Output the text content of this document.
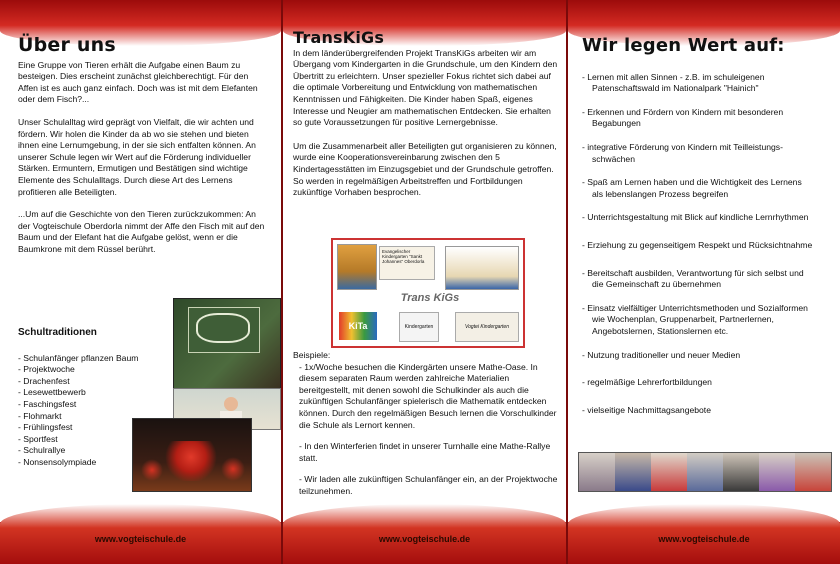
Über uns

Eine Gruppe von Tieren erhält die Aufgabe einen Baum zu besteigen. Dies erscheint zunächst gleichberechtigt. Für den Affen ist es auch ganz einfach. Doch was ist mit dem Elefanten oder dem Fisch?...

Unser Schulalltag wird geprägt von Vielfalt, die wir achten und fördern. Wir holen die Kinder da ab wo sie stehen und bieten ihnen eine Lernumgebung, in der sie sich entfalten können. An unserer Schule legen wir Wert auf die Förderung individueller Stärken. Ermuntern, Ermutigen und Bestätigen sind wichtige Elemente des Schulalltags. Durch diese Art des Lernens profitieren alle Beteiligten.

...Um auf die Geschichte von den Tieren zurückzukommen: An der Vogteischule Oberdorla nimmt der Affe den Fisch mit auf den Baum und der Elefant hat die Aufgabe gelöst, wenn er die Baumkrone mit dem Rüssel berührt.

Schultraditionen
- Schulanfänger pflanzen Baum
- Projektwoche
- Drachenfest
- Lesewettbewerb
- Faschingsfest
- Flohmarkt
- Frühlingsfest
- Sportfest
- Schulrallye
- Nonsensolympiade
www.vogteischule.de
TransKiGs

In dem länderübergreifenden Projekt TransKiGs arbeiten wir am Übergang vom Kindergarten in die Grundschule, um den Kindern den Übertritt zu erleichtern. Unser spezieller Fokus richtet sich dabei auf die optimale Vorbereitung und Entwicklung von mathematischen Kenntnissen und Fähigkeiten. Die Kinder haben Spaß, eigenes Interesse und Neugier am mathematischen Entdecken. Sie erhalten so gute Voraussetzungen für positive Lernergebnisse.

Um die Zusammenarbeit aller Beteiligten gut organisieren zu können, wurde eine Kooperationsvereinbarung zwischen den 5 Kindertagesstätten im Einzugsgebiet und der Grundschule getroffen. So werden in regelmäßigen Arbeitstreffen und Fortbildungen zukünftige Vorhaben besprochen.

Evangelischer Kindergarten "Sankt Johannes" Oberdorla
Trans KiGs
KiTa	Kindergarten	Vogtei Kindergarten
Beispiele:

- 1x/Woche besuchen die Kindergärten unsere Mathe-Oase. In diesem separaten Raum werden zahlreiche Materialien bereitgestellt, mit denen sowohl die Schulkinder als auch die zukünftigen Schulanfänger spielerisch die Mathematik entdecken können. Durch den regelmäßigen Besuch lernen die Vorschulkinder die Schule als Lernort kennen.

- In den Winterferien findet in unserer Turnhalle eine Mathe-Rallye statt.

- Wir laden alle zukünftigen Schulanfänger ein, an der Projektwoche teilzunehmen.

www.vogteischule.de
Wir legen Wert auf:
- Lernen mit allen Sinnen - z.B. im schuleigenen
Patenschaftswald im Nationalpark "Hainich"
- Erkennen und Fördern von Kindern mit besonderen
Begabungen
- integrative Förderung von Kindern mit Teilleistungs-
schwächen
- Spaß am Lernen haben und die Wichtigkeit des Lernens
als lebenslangen Prozess begreifen
- Unterrichtsgestaltung mit Blick auf kindliche Lernrhythmen
- Erziehung zu gegenseitigem Respekt und Rücksichtnahme
- Bereitschaft ausbilden, Verantwortung für sich selbst und
die Gemeinschaft zu übernehmen
- Einsatz vielfältiger Unterrichtsmethoden und Sozialformen
wie Wochenplan, Gruppenarbeit, Partnerlernen, Angebotslernen, Stationslernen etc.
- Nutzung traditioneller und neuer Medien
- regelmäßige Lehrerfortbildungen
- vielseitige Nachmittagsangebote
www.vogteischule.de
